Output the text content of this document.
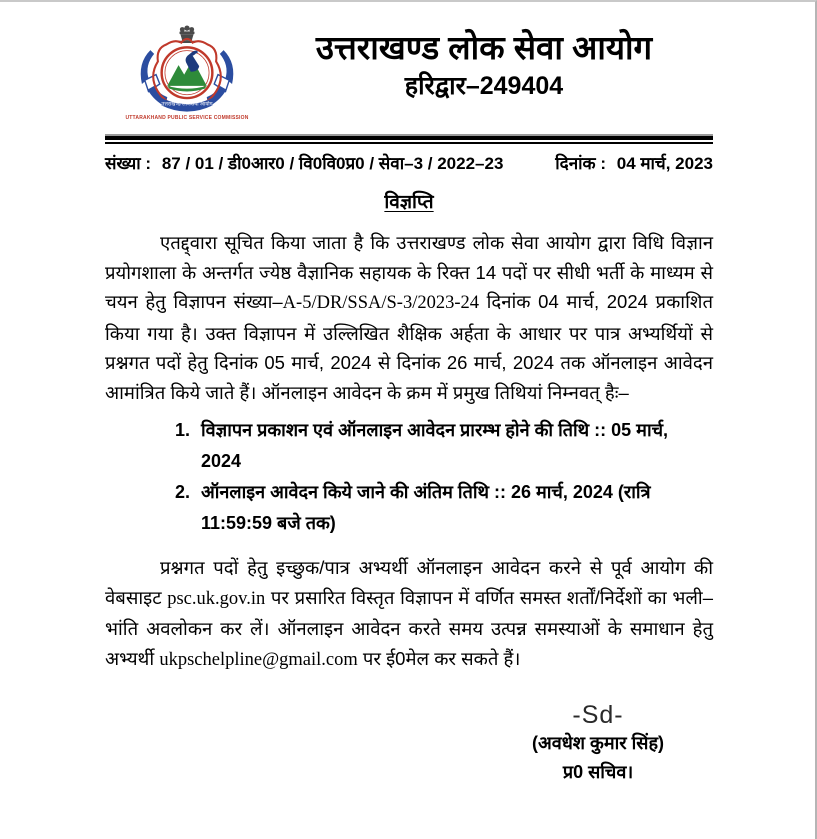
उत्तराखण्ड लोकसेवा आयोग
UTTARAKHAND PUBLIC SERVICE COMMISSION
उत्तराखण्ड लोक सेवा आयोग
हरिद्वार–249404
संख्या : 87 / 01 / डी0आर0 / वि0वि0प्र0 / सेवा–3 / 2022–23	दिनांक : 04 मार्च, 2023
विज्ञप्ति
एतद्द्वारा सूचित किया जाता है कि उत्तराखण्ड लोक सेवा आयोग द्वारा विधि विज्ञान प्रयोगशाला के अन्तर्गत ज्येष्ठ वैज्ञानिक सहायक के रिक्त 14 पदों पर सीधी भर्ती के माध्यम से चयन हेतु विज्ञापन संख्या–A-5/DR/SSA/S-3/2023-24 दिनांक 04 मार्च, 2024 प्रकाशित किया गया है। उक्त विज्ञापन में उल्लिखित शैक्षिक अर्हता के आधार पर पात्र अभ्यर्थियों से प्रश्नगत पदों हेतु दिनांक 05 मार्च, 2024 से दिनांक 26 मार्च, 2024 तक ऑनलाइन आवेदन आमांत्रित किये जाते हैं। ऑनलाइन आवेदन के क्रम में प्रमुख तिथियां निम्नवत् हैः–
1. विज्ञापन प्रकाशन एवं ऑनलाइन आवेदन प्रारम्भ होने की तिथि :: 05 मार्च, 2024
2. ऑनलाइन आवेदन किये जाने की अंतिम तिथि :: 26 मार्च, 2024 (रात्रि 11:59:59 बजे तक)
प्रश्नगत पदों हेतु इच्छुक/पात्र अभ्यर्थी ऑनलाइन आवेदन करने से पूर्व आयोग की वेबसाइट psc.uk.gov.in पर प्रसारित विस्तृत विज्ञापन में वर्णित समस्त शर्तों/निर्देशों का भली–भांति अवलोकन कर लें। ऑनलाइन आवेदन करते समय उत्पन्न समस्याओं के समाधान हेतु अभ्यर्थी ukpschelpline@gmail.com पर ई0मेल कर सकते हैं।
-Sd-
(अवधेश कुमार सिंह)
प्र0 सचिव।
